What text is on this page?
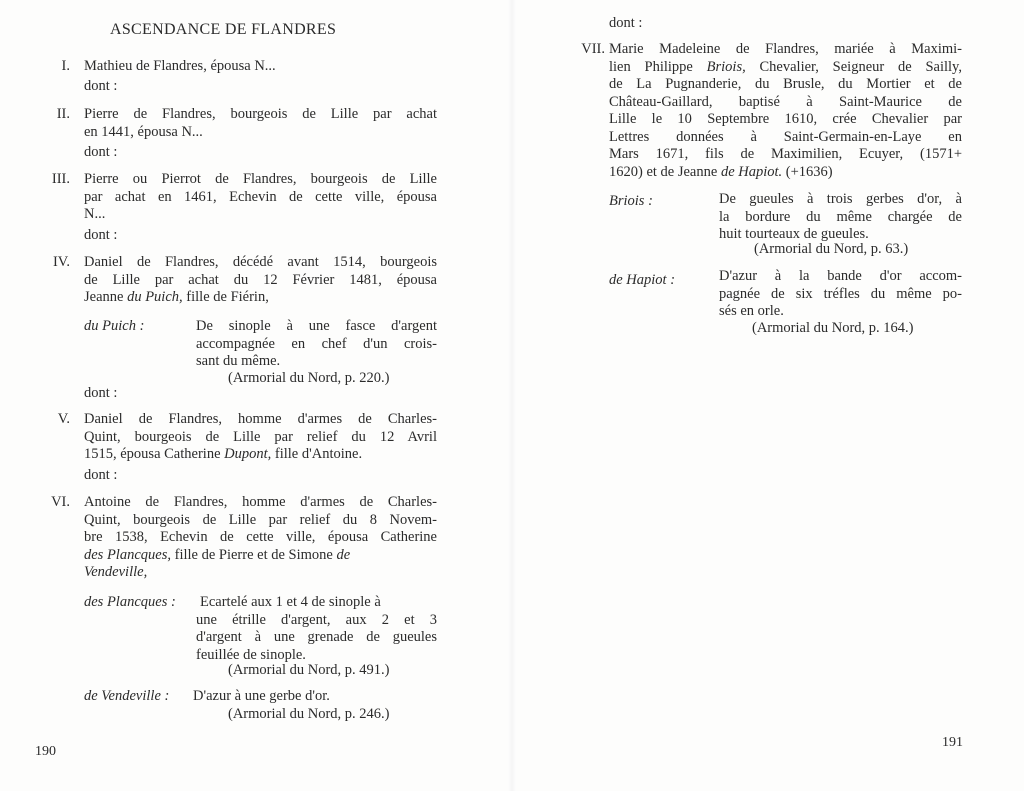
ASCENDANCE DE FLANDRES
I. Mathieu de Flandres, épousa N...
dont :
II. Pierre de Flandres, bourgeois de Lille par achat
en 1441, épousa N...
dont :
III. Pierre ou Pierrot de Flandres, bourgeois de Lille
par achat en 1461, Echevin de cette ville, épousa
N...
dont :
IV. Daniel de Flandres, décédé avant 1514, bourgeois
de Lille par achat du 12 Février 1481, épousa
Jeanne du Puich, fille de Fiérin,
du Puich :	De sinople à une fasce d'argent
accompagnée en chef d'un crois-
sant du même.
(Armorial du Nord, p. 220.)
dont :
V. Daniel de Flandres, homme d'armes de Charles-
Quint, bourgeois de Lille par relief du 12 Avril
1515, épousa Catherine Dupont, fille d'Antoine.
dont :
VI. Antoine de Flandres, homme d'armes de Charles-
Quint, bourgeois de Lille par relief du 8 Novem-
bre 1538, Echevin de cette ville, épousa Catherine
des Plancques, fille de Pierre et de Simone de
Vendeville,
des Plancques : Ecartelé aux 1 et 4 de sinople à
une étrille d'argent, aux 2 et 3
d'argent à une grenade de gueules
feuillée de sinople.
(Armorial du Nord, p. 491.)
de Vendeville : D'azur à une gerbe d'or.
(Armorial du Nord, p. 246.)
190
dont :
VII. Marie Madeleine de Flandres, mariée à Maximi-
lien Philippe Briois, Chevalier, Seigneur de Sailly,
de La Pugnanderie, du Brusle, du Mortier et de
Château-Gaillard, baptisé à Saint-Maurice de
Lille le 10 Septembre 1610, crée Chevalier par
Lettres données à Saint-Germain-en-Laye en
Mars 1671, fils de Maximilien, Ecuyer, (1571+
1620) et de Jeanne de Hapiot. (+1636)
Briois :	De gueules à trois gerbes d'or, à
la bordure du même chargée de
huit tourteaux de gueules.
(Armorial du Nord, p. 63.)
de Hapiot :	D'azur à la bande d'or accom-
pagnée de six tréfles du même po-
sés en orle.
(Armorial du Nord, p. 164.)
191
